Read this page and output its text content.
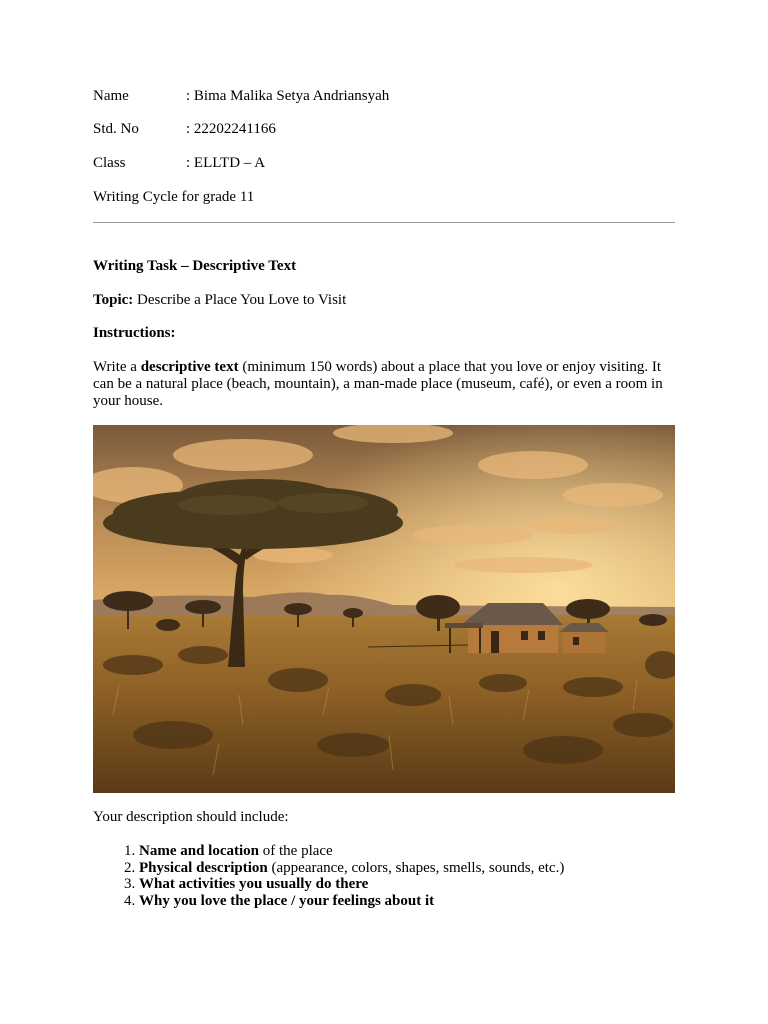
Name	: Bima Malika Setya Andriansyah
Std. No	: 22202241166
Class	: ELLTD – A
Writing Cycle for grade 11
Writing Task – Descriptive Text
Topic: Describe a Place You Love to Visit
Instructions:
Write a descriptive text (minimum 150 words) about a place that you love or enjoy visiting. It can be a natural place (beach, mountain), a man-made place (museum, café), or even a room in your house.
Your description should include:
1. Name and location of the place
2. Physical description (appearance, colors, shapes, smells, sounds, etc.)
3. What activities you usually do there
4. Why you love the place / your feelings about it
